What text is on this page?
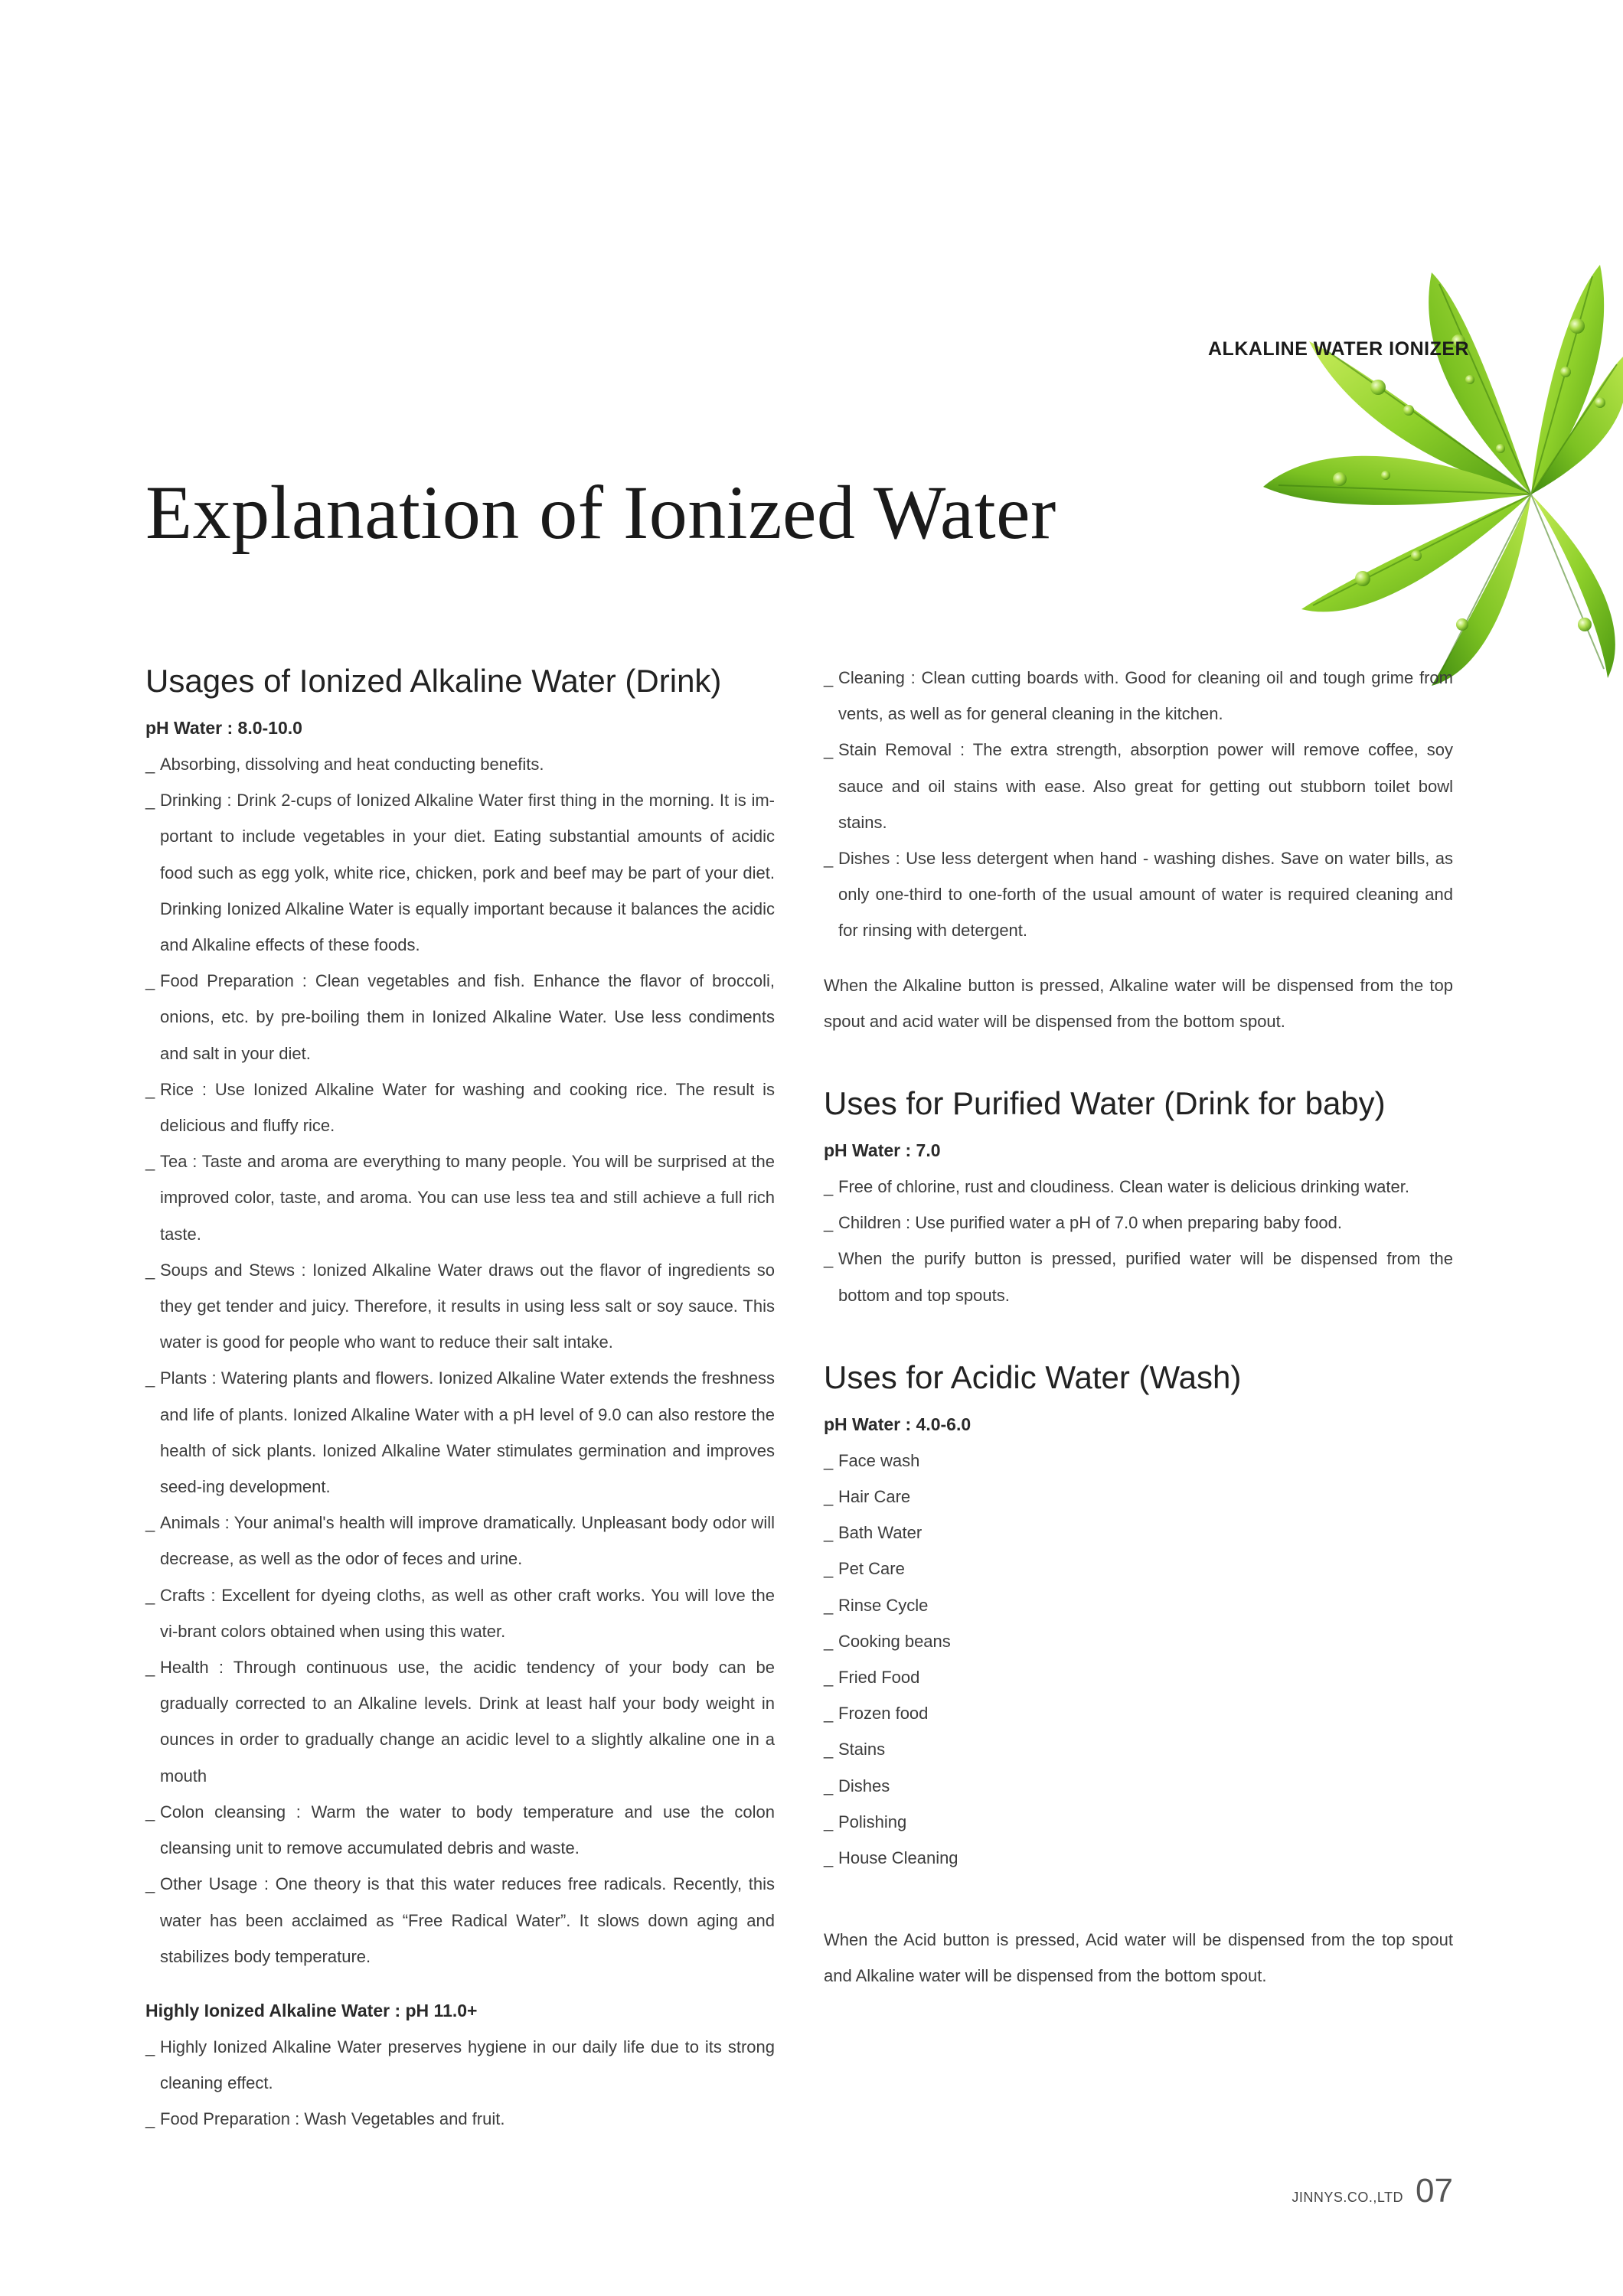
ALKALINE WATER IONIZER
Explanation of Ionized Water
Usages of Ionized Alkaline Water (Drink)

pH Water : 8.0-10.0

_ Absorbing, dissolving and heat conducting benefits.
_ Drinking : Drink 2-cups of Ionized Alkaline Water first thing in the morning. It is im-portant to include vegetables in your diet. Eating substantial amounts of acidic food such as egg yolk, white rice, chicken, pork and beef may be part of your diet. Drinking Ionized Alkaline Water is equally important because it balances the acidic and Alkaline effects of these foods.
_ Food Preparation : Clean vegetables and fish. Enhance the flavor of broccoli, onions, etc. by pre-boiling them in Ionized Alkaline Water. Use less condiments and salt in your diet.
_ Rice : Use Ionized Alkaline Water for washing and cooking rice. The result is delicious and fluffy rice.
_ Tea : Taste and aroma are everything to many people. You will be surprised at the improved color, taste, and aroma. You can use less tea and still achieve a full rich taste.
_ Soups and Stews : Ionized Alkaline Water draws out the flavor of ingredients so they get tender and juicy. Therefore, it results in using less salt or soy sauce. This water is good for people who want to reduce their salt intake.
_ Plants : Watering plants and flowers. Ionized Alkaline Water extends the freshness and life of plants. Ionized Alkaline Water with a pH level of 9.0 can also restore the health of sick plants. Ionized Alkaline Water stimulates germination and improves seed-ing development.
_ Animals : Your animal's health will improve dramatically. Unpleasant body odor will decrease, as well as the odor of feces and urine.
_ Crafts : Excellent for dyeing cloths, as well as other craft works. You will love the vi-brant colors obtained when using this water.
_ Health : Through continuous use, the acidic tendency of your body can be gradually corrected to an Alkaline levels. Drink at least half your body weight in ounces in order to gradually change an acidic level to a slightly alkaline one in a mouth
_ Colon cleansing : Warm the water to body temperature and use the colon cleansing unit to remove accumulated debris and waste.
_ Other Usage : One theory is that this water reduces free radicals. Recently, this water has been acclaimed as “Free Radical Water”. It slows down aging and stabilizes body temperature.

Highly Ionized Alkaline Water : pH 11.0+

_ Highly Ionized Alkaline Water preserves hygiene in our daily life due to its strong cleaning effect.
_ Food Preparation : Wash Vegetables and fruit.
_ Cleaning : Clean cutting boards with. Good for cleaning oil and tough grime from vents, as well as for general cleaning in the kitchen.
_ Stain Removal : The extra strength, absorption power will remove coffee, soy sauce and oil stains with ease. Also great for getting out stubborn toilet bowl stains.
_ Dishes : Use less detergent when hand - washing dishes. Save on water bills, as only one-third to one-forth of the usual amount of water is required cleaning and for rinsing with detergent.

When the Alkaline button is pressed, Alkaline water will be dispensed from the top spout and acid water will be dispensed from the bottom spout.

Uses for Purified Water (Drink for baby)

pH Water : 7.0

_ Free of chlorine, rust and cloudiness. Clean water is delicious drinking water.
_ Children : Use purified water a pH of 7.0 when preparing baby food.
_ When the purify button is pressed, purified water will be dispensed from the bottom and top spouts.
Uses for Acidic Water (Wash)

pH Water : 4.0-6.0

_ Face wash
_ Hair Care
_ Bath Water
_ Pet Care
_ Rinse Cycle
_ Cooking beans
_ Fried Food
_ Frozen food
_ Stains
_ Dishes
_ Polishing
_ House Cleaning

When the Acid button is pressed, Acid water will be dispensed from the top spout and Alkaline water will be dispensed from the bottom spout.

JINNYS.CO.,LTD 07
